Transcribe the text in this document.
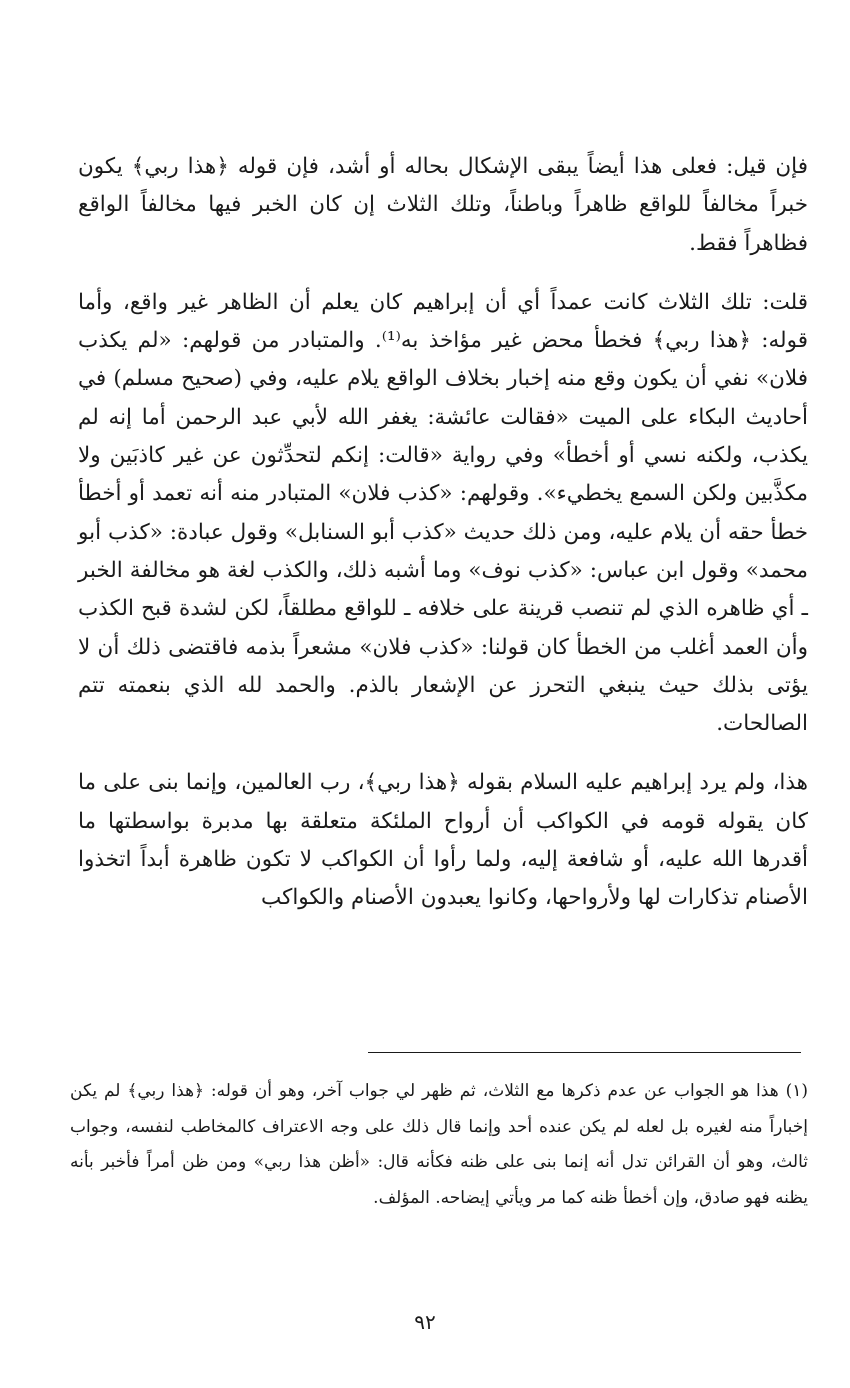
فإن قيل: فعلى هذا أيضاً يبقى الإشكال بحاله أو أشد، فإن قوله ﴿هذا ربي﴾ يكون خبراً مخالفاً للواقع ظاهراً وباطناً، وتلك الثلاث إن كان الخبر فيها مخالفاً الواقع فظاهراً فقط.

قلت: تلك الثلاث كانت عمداً أي أن إبراهيم كان يعلم أن الظاهر غير واقع، وأما قوله: ﴿هذا ربي﴾ فخطأ محض غير مؤاخذ به⁽¹⁾. والمتبادر من قولهم: «لم يكذب فلان» نفي أن يكون وقع منه إخبار بخلاف الواقع يلام عليه، وفي (صحيح مسلم) في أحاديث البكاء على الميت «فقالت عائشة: يغفر الله لأبي عبد الرحمن أما إنه لم يكذب، ولكنه نسي أو أخطأ» وفي رواية «قالت: إنكم لتحدِّثون عن غير كاذبَين ولا مكذَّبين ولكن السمع يخطيء». وقولهم: «كذب فلان» المتبادر منه أنه تعمد أو أخطأ خطأ حقه أن يلام عليه، ومن ذلك حديث «كذب أبو السنابل» وقول عبادة: «كذب أبو محمد» وقول ابن عباس: «كذب نوف» وما أشبه ذلك، والكذب لغة هو مخالفة الخبر ـ أي ظاهره الذي لم تنصب قرينة على خلافه ـ للواقع مطلقاً، لكن لشدة قبح الكذب وأن العمد أغلب من الخطأ كان قولنا: «كذب فلان» مشعراً بذمه فاقتضى ذلك أن لا يؤتى بذلك حيث ينبغي التحرز عن الإشعار بالذم. والحمد لله الذي بنعمته تتم الصالحات.

هذا، ولم يرد إبراهيم عليه السلام بقوله ﴿هذا ربي﴾، رب العالمين، وإنما بنى على ما كان يقوله قومه في الكواكب أن أرواح الملئكة متعلقة بها مدبرة بواسطتها ما أقدرها الله عليه، أو شافعة إليه، ولما رأوا أن الكواكب لا تكون ظاهرة أبداً اتخذوا الأصنام تذكارات لها ولأرواحها، وكانوا يعبدون الأصنام والكواكب

(١) هذا هو الجواب عن عدم ذكرها مع الثلاث، ثم ظهر لي جواب آخر، وهو أن قوله: ﴿هذا ربي﴾ لم يكن إخباراً منه لغيره بل لعله لم يكن عنده أحد وإنما قال ذلك على وجه الاعتراف كالمخاطب لنفسه، وجواب ثالث، وهو أن القرائن تدل أنه إنما بنى على ظنه فكأنه قال: «أظن هذا ربي» ومن ظن أمراً فأخبر بأنه يظنه فهو صادق، وإن أخطأ ظنه كما مر ويأتي إيضاحه. المؤلف.
٩٢
